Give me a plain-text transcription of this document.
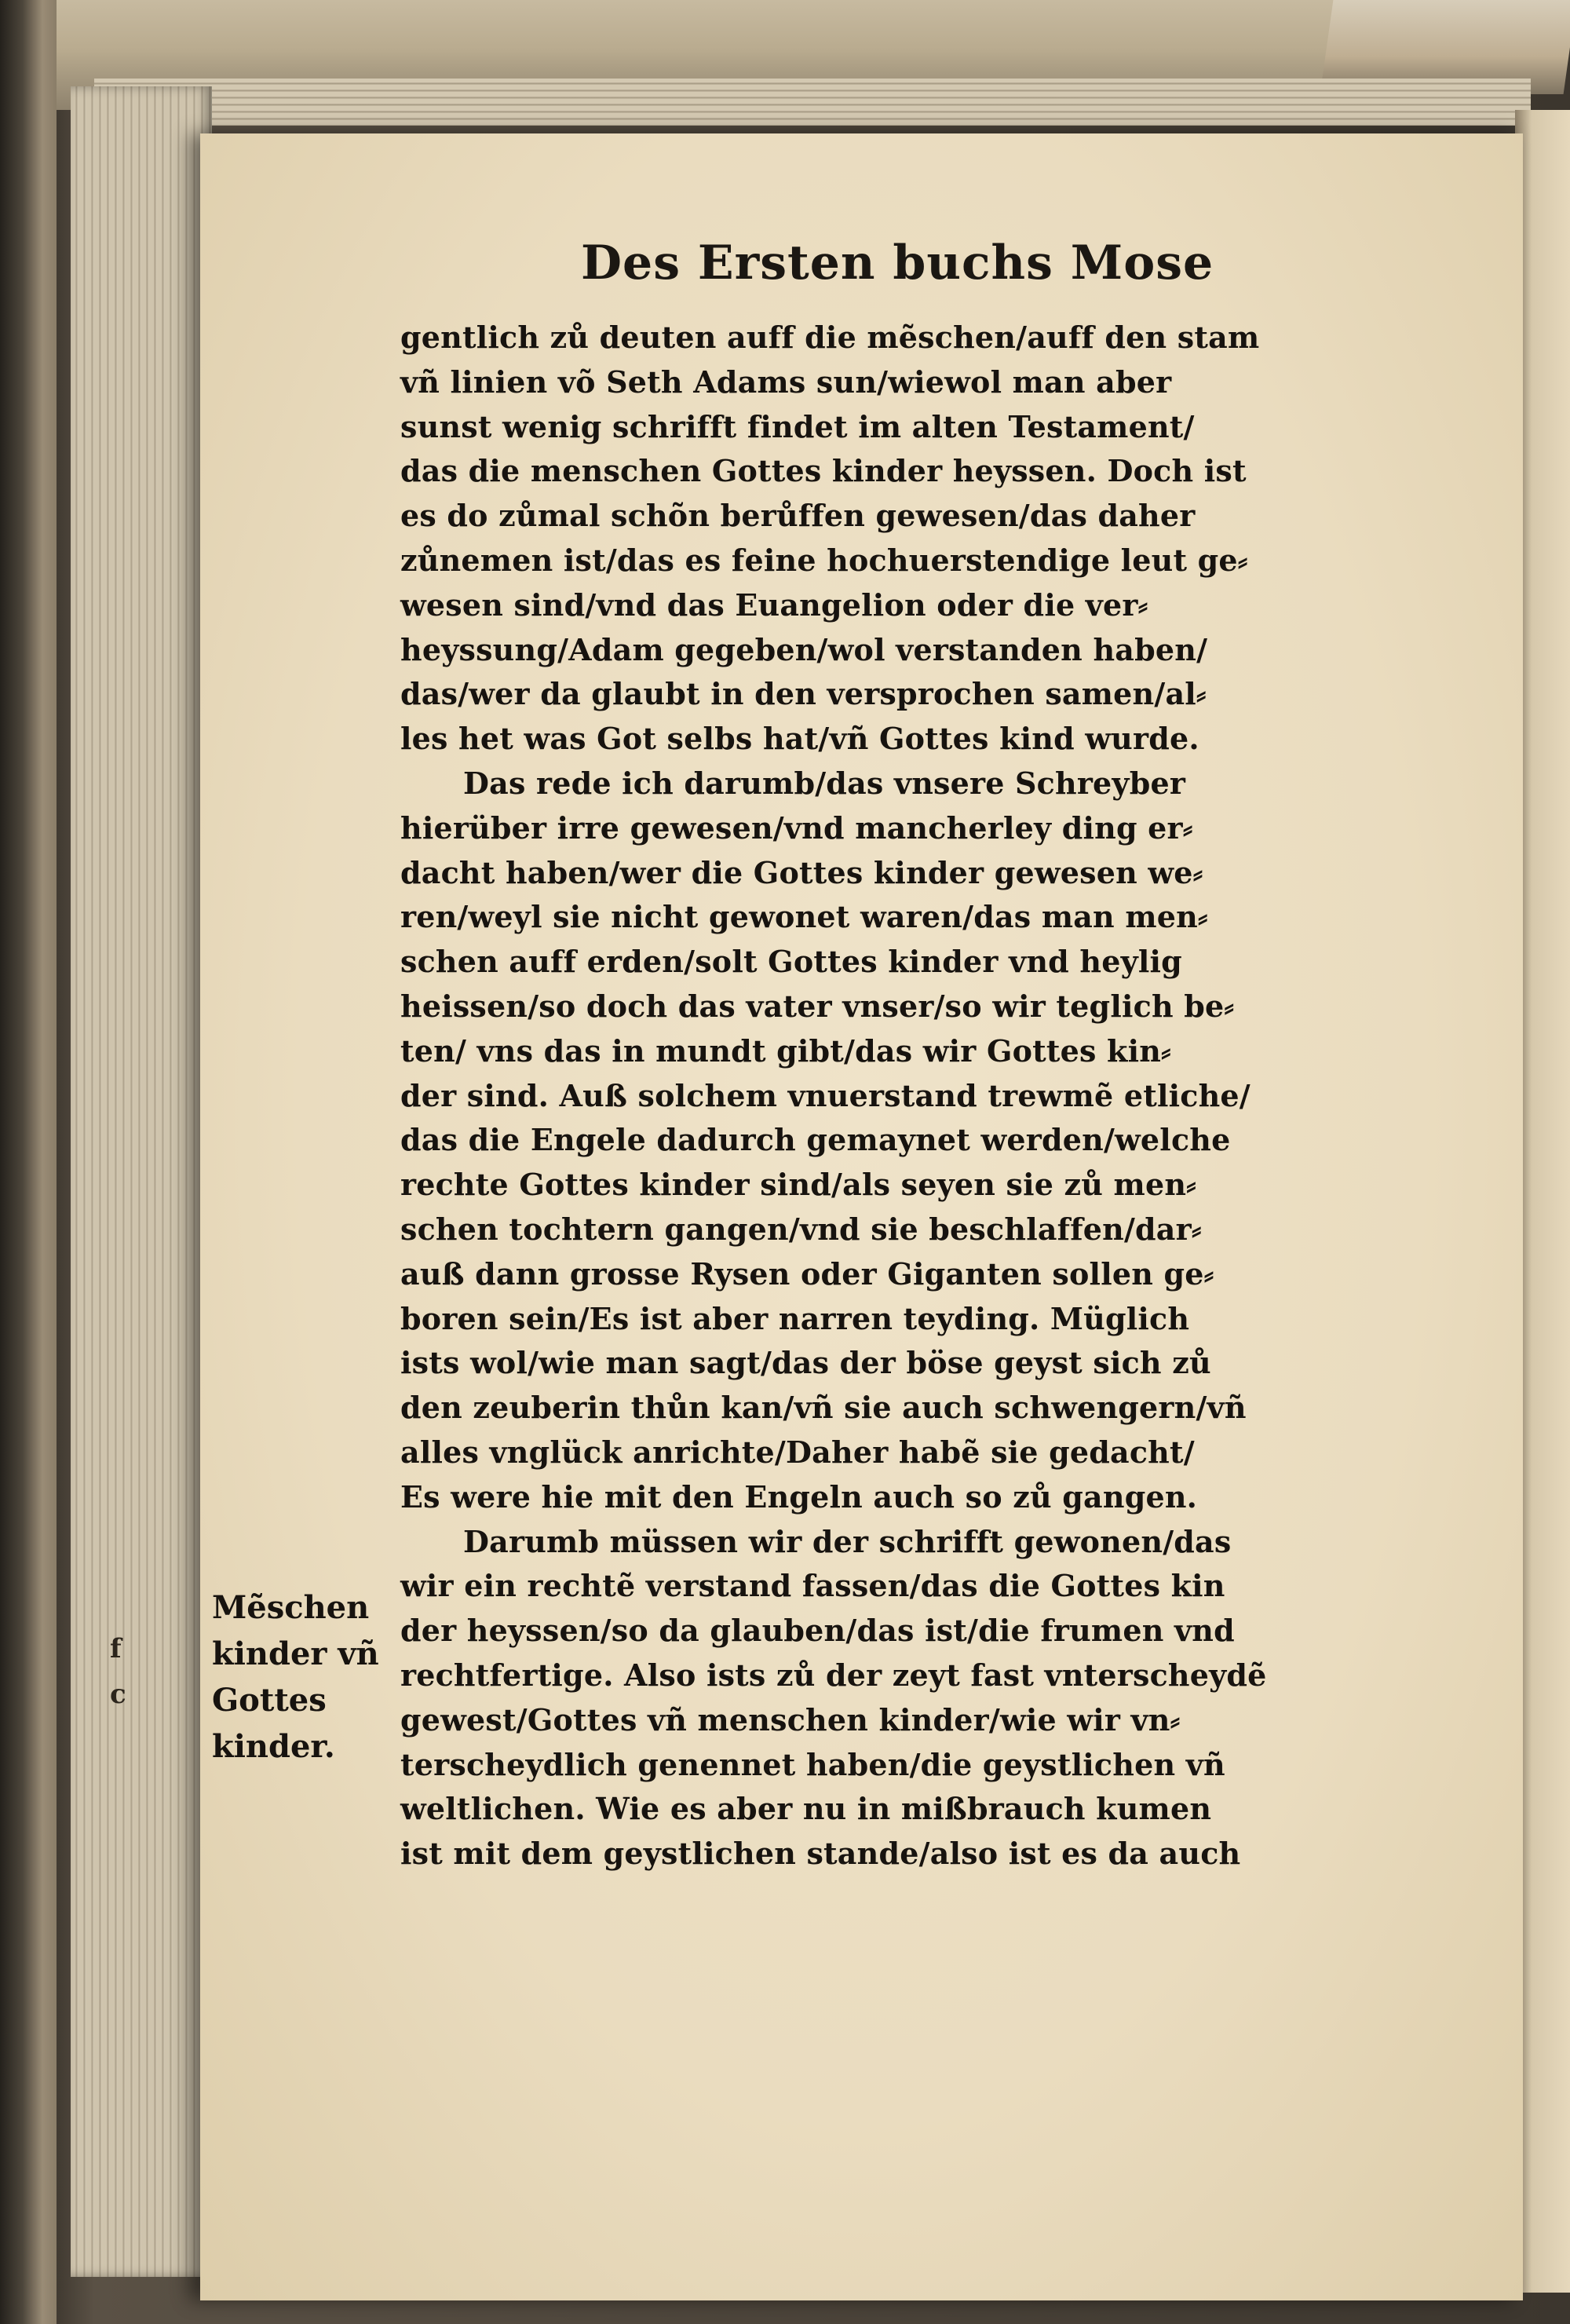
Des Ersten buchs Mose
gentlich zů deuten auff die mẽschen/auff den stam
vñ linien võ Seth Adams sun/wiewol man aber
sunst wenig schrifft findet im alten Testament/
das die menschen Gottes kinder heyssen. Doch ist
es do zůmal schõn berůffen gewesen/das daher
zůnemen ist/das es feine hochuerstendige leut ge⸗
wesen sind/vnd das Euangelion oder die ver⸗
heyssung/Adam gegeben/wol verstanden haben/
das/wer da glaubt in den versprochen samen/al⸗
les het was Got selbs hat/vñ Gottes kind wurde.
Das rede ich darumb/das vnsere Schreyber
hierüber irre gewesen/vnd mancherley ding er⸗
dacht haben/wer die Gottes kinder gewesen we⸗
ren/weyl sie nicht gewonet waren/das man men⸗
schen auff erden/solt Gottes kinder vnd heylig
heissen/so doch das vater vnser/so wir teglich be⸗
ten/ vns das in mundt gibt/das wir Gottes kin⸗
der sind. Auß solchem vnuerstand trewmẽ etliche/
das die Engele dadurch gemaynet werden/welche
rechte Gottes kinder sind/als seyen sie zů men⸗
schen tochtern gangen/vnd sie beschlaffen/dar⸗
auß dann grosse Rysen oder Giganten sollen ge⸗
boren sein/Es ist aber narren teyding. Müglich
ists wol/wie man sagt/das der böse geyst sich zů
den zeuberin thůn kan/vñ sie auch schwengern/vñ
alles vnglück anrichte/Daher habẽ sie gedacht/
Es were hie mit den Engeln auch so zů gangen.
Darumb müssen wir der schrifft gewonen/das
wir ein rechtẽ verstand fassen/das die Gottes kin
der heyssen/so da glauben/das ist/die frumen vnd
rechtfertige. Also ists zů der zeyt fast vnterscheydẽ
gewest/Gottes vñ menschen kinder/wie wir vn⸗
terscheydlich genennet haben/die geystlichen vñ
weltlichen. Wie es aber nu in mißbrauch kumen
ist mit dem geystlichen stande/also ist es da auch
Mẽschen
kinder vñ
Gottes
kinder.
f
c
